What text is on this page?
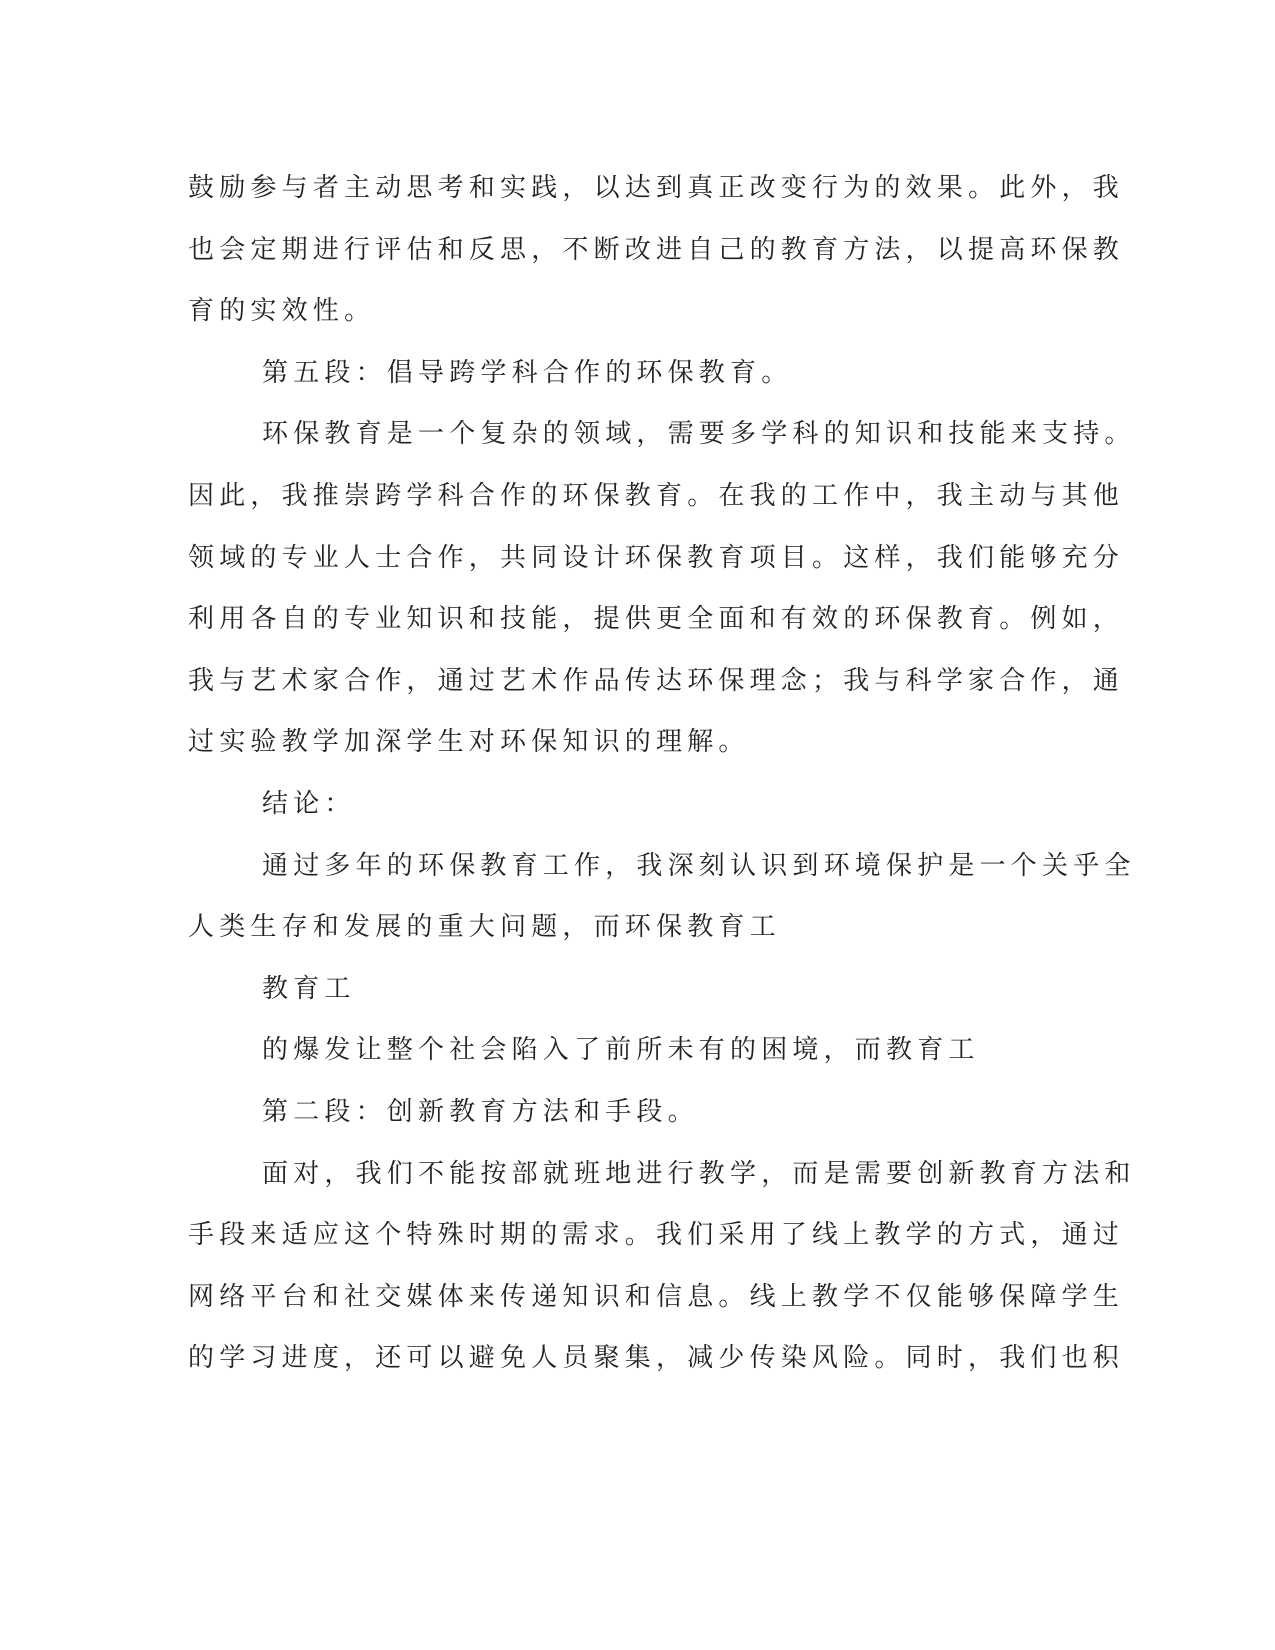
鼓励参与者主动思考和实践，以达到真正改变行为的效果。此外，我

也会定期进行评估和反思，不断改进自己的教育方法，以提高环保教

育的实效性。

第五段：倡导跨学科合作的环保教育。

环保教育是一个复杂的领域，需要多学科的知识和技能来支持。

因此，我推崇跨学科合作的环保教育。在我的工作中，我主动与其他

领域的专业人士合作，共同设计环保教育项目。这样，我们能够充分

利用各自的专业知识和技能，提供更全面和有效的环保教育。例如，

我与艺术家合作，通过艺术作品传达环保理念；我与科学家合作，通

过实验教学加深学生对环保知识的理解。

结论：

通过多年的环保教育工作，我深刻认识到环境保护是一个关乎全

人类生存和发展的重大问题，而环保教育工

教育工

的爆发让整个社会陷入了前所未有的困境，而教育工

第二段：创新教育方法和手段。

面对，我们不能按部就班地进行教学，而是需要创新教育方法和

手段来适应这个特殊时期的需求。我们采用了线上教学的方式，通过

网络平台和社交媒体来传递知识和信息。线上教学不仅能够保障学生

的学习进度，还可以避免人员聚集，减少传染风险。同时，我们也积
